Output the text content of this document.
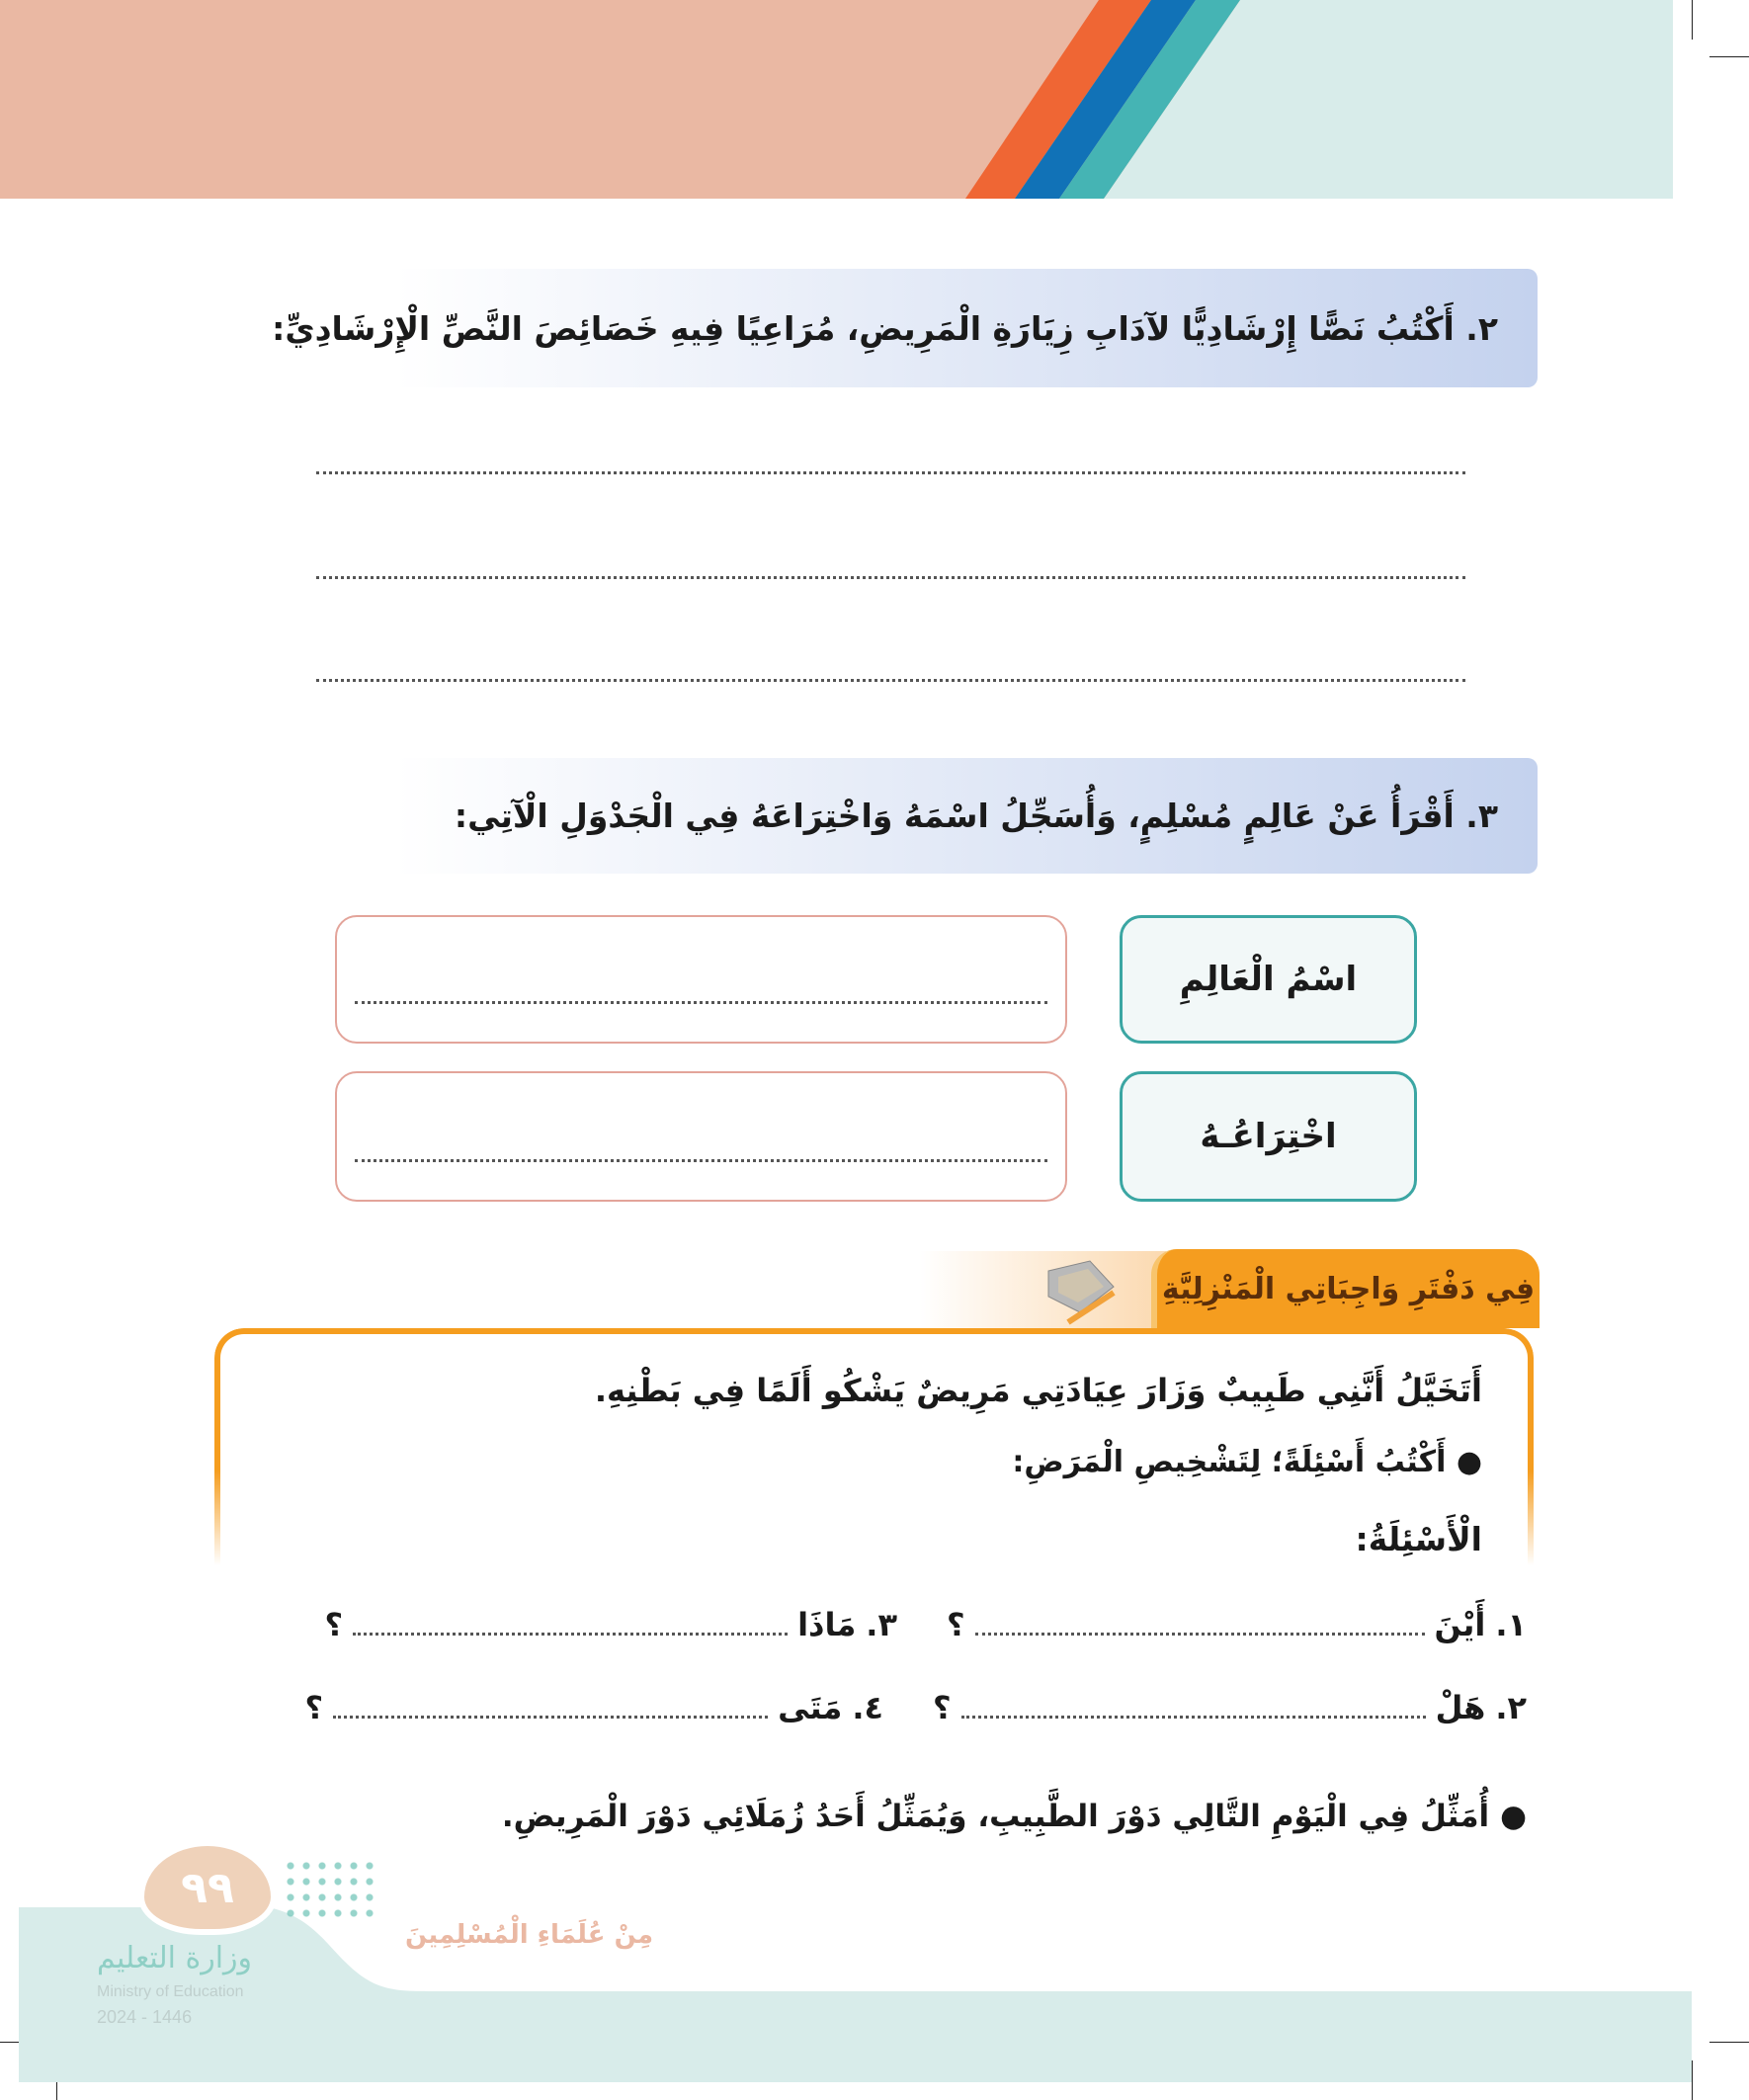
٢. أَكْتُبُ نَصًّا إِرْشَادِيًّا لآدَابِ زِيَارَةِ الْمَرِيضِ، مُرَاعِيًا فِيهِ خَصَائِصَ النَّصِّ الْإِرْشَادِيِّ:
٣. أَقْرَأُ عَنْ عَالِمٍ مُسْلِمٍ، وَأُسَجِّلُ اسْمَهُ وَاخْتِرَاعَهُ فِي الْجَدْوَلِ الْآتِي:
اسْمُ الْعَالِمِ
اخْتِرَاعُـهُ
فِي دَفْتَرِ وَاجِبَاتِي الْمَنْزِلِيَّةِ
أَتَخَيَّلُ أَنَّنِي طَبِيبٌ وَزَارَ عِيَادَتِي مَرِيضٌ يَشْكُو أَلَمًا فِي بَطْنِهِ.
● أَكْتُبُ أَسْئِلَةً؛ لِتَشْخِيصِ الْمَرَضِ:
الْأَسْئِلَةُ:
١.
أَيْنَ
؟
٣.
مَاذَا
؟
٢.
هَلْ
؟
٤.
مَتَى
؟
● أُمَثِّلُ فِي الْيَوْمِ التَّالِي دَوْرَ الطَّبِيبِ، وَيُمَثِّلُ أَحَدُ زُمَلَائِي دَوْرَ الْمَرِيضِ.
٩٩
وزارة التعليم
Ministry of Education
2024 - 1446
مِنْ عُلَمَاءِ الْمُسْلِمِينَ
